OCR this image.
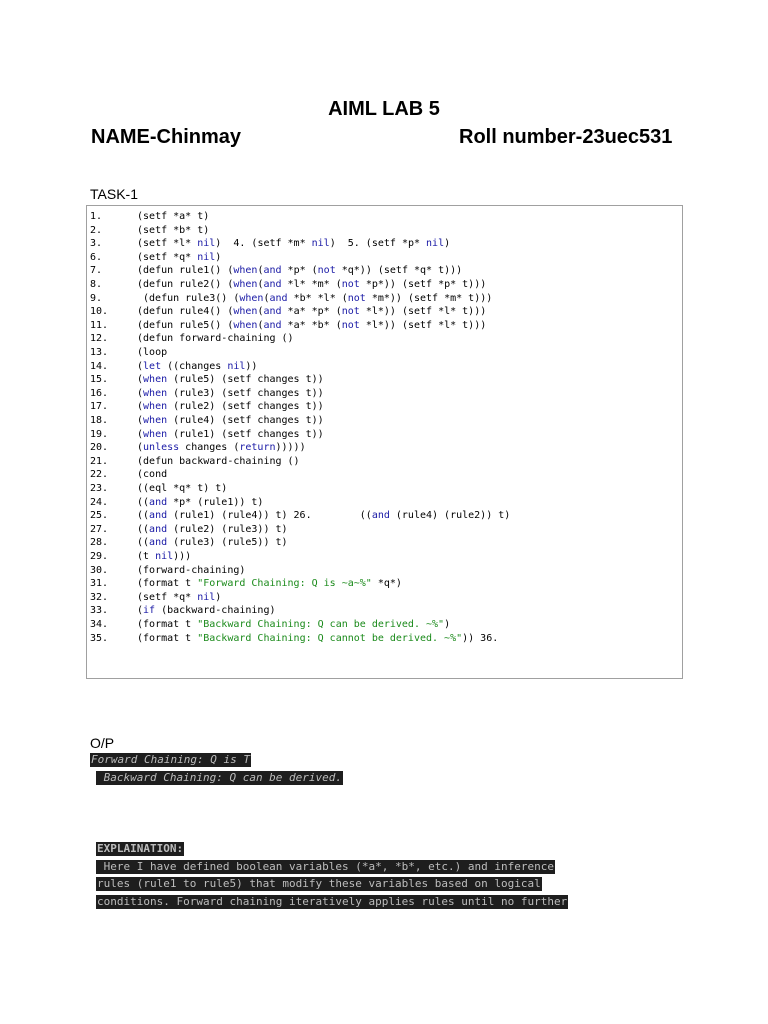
AIML LAB 5
NAME-Chinmay	Roll number-23uec531
TASK-1
1.	(setf *a* t)
2.	(setf *b* t)
3.	(setf *l* nil)  4. (setf *m* nil)  5. (setf *p* nil)
6.	(setf *q* nil)
7.	(defun rule1() (when(and *p* (not *q*)) (setf *q* t)))
8.	(defun rule2() (when(and *l* *m* (not *p*)) (setf *p* t)))
9.	(defun rule3() (when(and *b* *l* (not *m*)) (setf *m* t)))
10.	(defun rule4() (when(and *a* *p* (not *l*)) (setf *l* t)))
11.	(defun rule5() (when(and *a* *b* (not *l*)) (setf *l* t)))
12.	(defun forward-chaining ()
13.	(loop
14.	(let ((changes nil))
15.	(when (rule5) (setf changes t))
16.	(when (rule3) (setf changes t))
17.	(when (rule2) (setf changes t))
18.	(when (rule4) (setf changes t))
19.	(when (rule1) (setf changes t))
20.	(unless changes (return)))))
21.	(defun backward-chaining ()
22.	(cond
23.	((eql *q* t) t)
24.	((and *p* (rule1)) t)
25.	((and (rule1) (rule4)) t) 26.        ((and (rule4) (rule2)) t)
27.	((and (rule2) (rule3)) t)
28.	((and (rule3) (rule5)) t)
29.	(t nil)))
30.	(forward-chaining)
31.	(format t "Forward Chaining: Q is ~a~%" *q*)
32.	(setf *q* nil)
33.	(if (backward-chaining)
34.	(format t "Backward Chaining: Q can be derived. ~%")
35.	(format t "Backward Chaining: Q cannot be derived. ~%")) 36.
O/P
Forward Chaining: Q is T
Backward Chaining: Q can be derived.
EXPLAINATION:
Here I have defined boolean variables (*a*, *b*, etc.) and inference
rules (rule1 to rule5) that modify these variables based on logical
conditions. Forward chaining iteratively applies rules until no further
